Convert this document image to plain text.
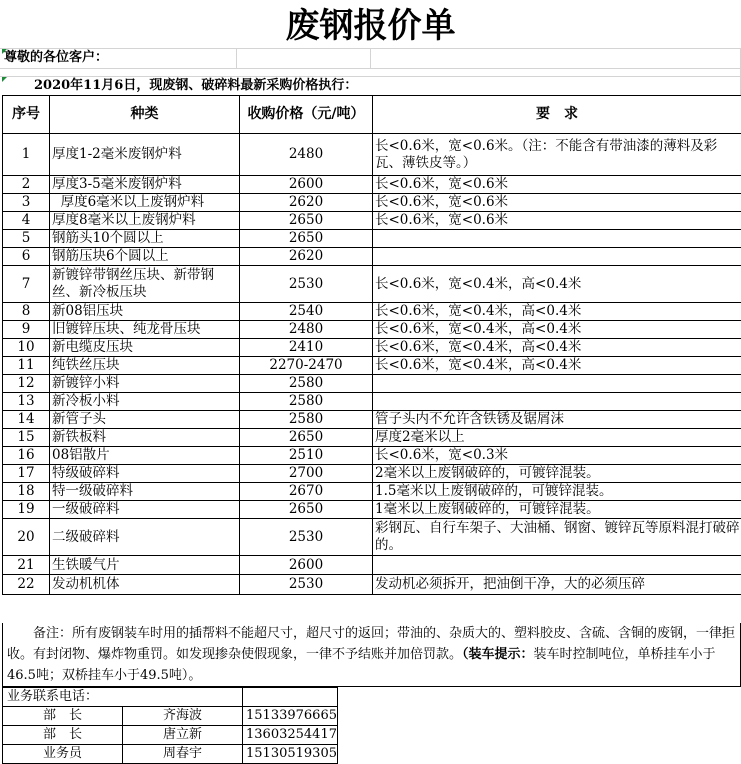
废钢报价单
尊敬的各位客户：
2020年11月6日，现废钢、破碎料最新采购价格执行：
序号	种类	收购价格（元/吨）	要　求
1	厚度1-2毫米废钢炉料	2480	长<0.6米，宽<0.6米。（注：不能含有带油漆的薄料及彩瓦、薄铁皮等。）
2	厚度3-5毫米废钢炉料	2600	长<0.6米，宽<0.6米
3	厚度6毫米以上废钢炉料	2620	长<0.6米，宽<0.6米
4	厚度8毫米以上废钢炉料	2650	长<0.6米，宽<0.6米
5	钢筋头10个圆以上	2650	
6	钢筋压块6个圆以上	2620	
7	新镀锌带钢丝压块、新带钢丝、新冷板压块	2530	长<0.6米，宽<0.4米，高<0.4米
8	新08铝压块	2540	长<0.6米，宽<0.4米，高<0.4米
9	旧镀锌压块、纯龙骨压块	2480	长<0.6米，宽<0.4米，高<0.4米
10	新电缆皮压块	2410	长<0.6米，宽<0.4米，高<0.4米
11	纯铁丝压块	2270-2470	长<0.6米，宽<0.4米，高<0.4米
12	新镀锌小料	2580	
13	新冷板小料	2580	
14	新管子头	2580	管子头内不允许含铁锈及锯屑沫
15	新铁板料	2650	厚度2毫米以上
16	08铝散片	2510	长<0.6米，宽<0.3米
17	特级破碎料	2700	2毫米以上废钢破碎的，可镀锌混装。
18	特一级破碎料	2670	1.5毫米以上废钢破碎的，可镀锌混装。
19	一级破碎料	2650	1毫米以上废钢破碎的，可镀锌混装。
20	二级破碎料	2530	彩钢瓦、自行车架子、大油桶、钢窗、镀锌瓦等原料混打破碎的。
21	生铁暖气片	2600	
22	发动机机体	2530	发动机必须拆开，把油倒干净，大的必须压碎
　　备注：所有废钢装车时用的插帮料不能超尺寸，超尺寸的返回；带油的、杂质大的、塑料胶皮、含硫、含铜的废钢，一律拒收。有封闭物、爆炸物重罚。如发现掺杂使假现象，一律不予结账并加倍罚款。（装车提示：装车时控制吨位，单桥挂车小于46.5吨；双桥挂车小于49.5吨）。
业务联系电话：		
部　长	齐海波	15133976665
部　长	唐立新	13603254417
业务员	周春宇	15130519305
